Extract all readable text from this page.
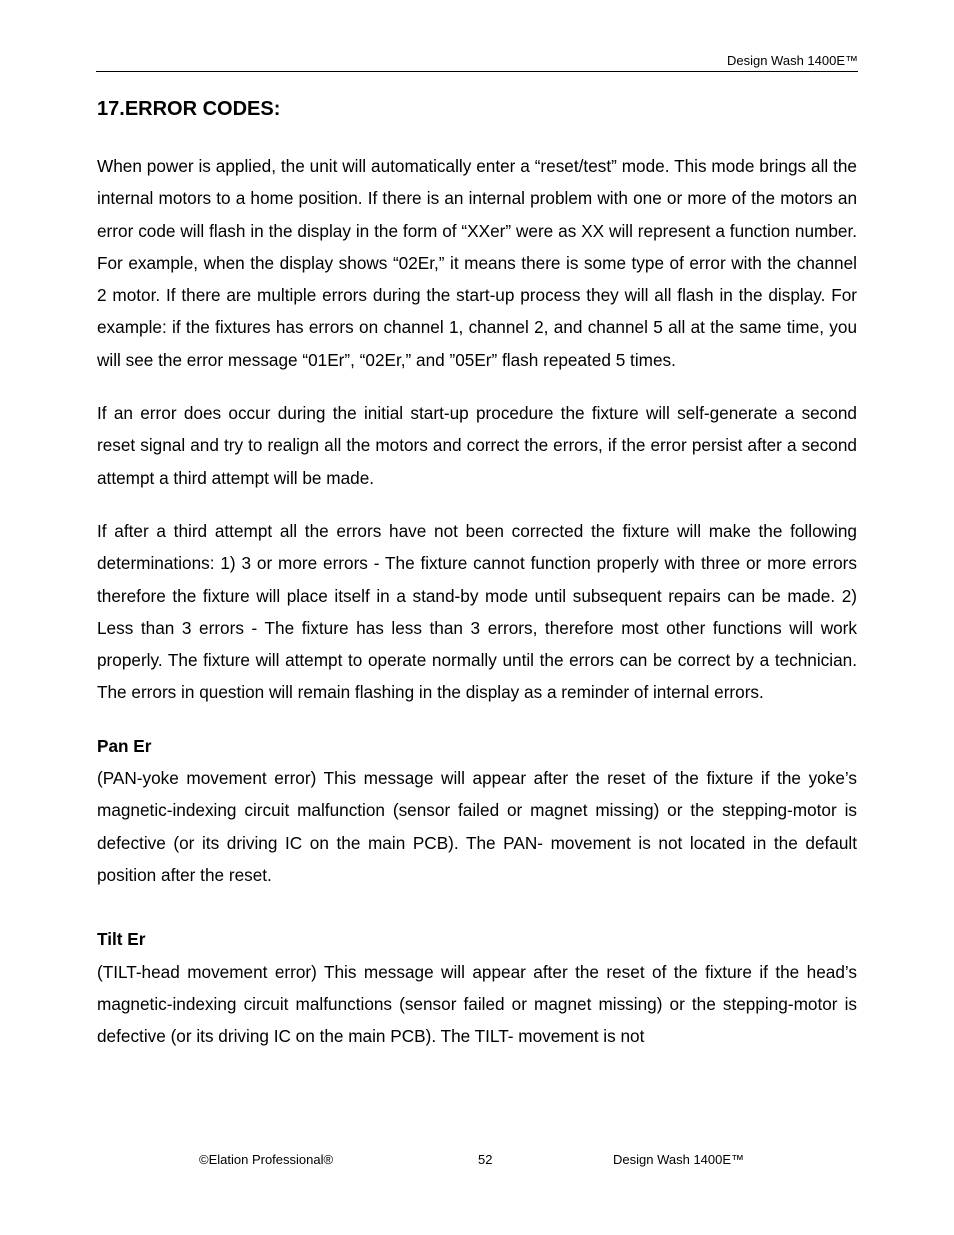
Design Wash 1400E™
17. ERROR CODES:

When power is applied, the unit will automatically enter a “reset/test” mode. This mode brings all the internal motors to a home position. If there is an internal problem with one or more of the motors an error code will flash in the display in the form of “XXer” were as XX will represent a function number. For example, when the display shows “02Er,” it means there is some type of error with the channel 2 motor. If there are multiple errors during the start-up process they will all flash in the display. For example: if the fixtures has errors on channel 1, channel 2, and channel 5 all at the same time, you will see the error message “01Er”, “02Er,” and ”05Er” flash repeated 5 times.

If an error does occur during the initial start-up procedure the fixture will self-generate a second reset signal and try to realign all the motors and correct the errors, if the error persist after a second attempt a third attempt will be made.

If after a third attempt all the errors have not been corrected the fixture will make the following determinations: 1) 3 or more errors - The fixture cannot function properly with three or more errors therefore the fixture will place itself in a stand-by mode until subsequent repairs can be made. 2) Less than 3 errors - The fixture has less than 3 errors, therefore most other functions will work properly. The fixture will attempt to operate normally until the errors can be correct by a technician. The errors in question will remain flashing in the display as a reminder of internal errors.

Pan Er

(PAN-yoke movement error) This message will appear after the reset of the fixture if the yoke’s magnetic-indexing circuit malfunction (sensor failed or magnet missing) or the stepping-motor is defective (or its driving IC on the main PCB). The PAN- movement is not located in the default position after the reset.

Tilt Er

(TILT-head movement error) This message will appear after the reset of the fixture if the head’s magnetic-indexing circuit malfunctions (sensor failed or magnet missing) or the stepping-motor is defective (or its driving IC on the main PCB). The TILT- movement is not

©Elation Professional®	52	Design Wash 1400E™
